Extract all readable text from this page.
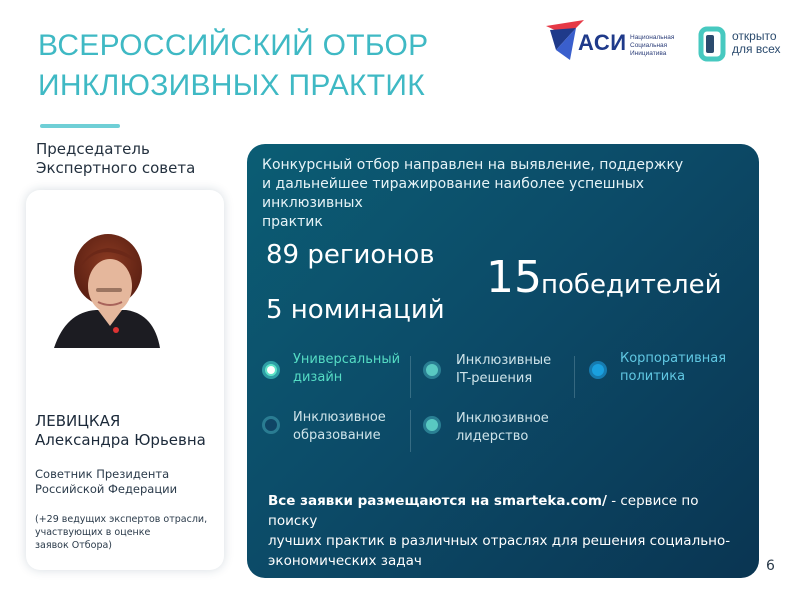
ВСЕРОССИЙСКИЙ ОТБОР
ИНКЛЮЗИВНЫХ ПРАКТИК
АСИ Национальная
Социальная
Инициатива
открыто
для всех
Председатель
Экспертного совета
ЛЕВИЦКАЯ
Александра Юрьевна
Советник Президента
Российской Федерации
(+29 ведущих экспертов отрасли,
участвующих в оценке
заявок Отбора)
Конкурсный отбор направлен на выявление, поддержку
и дальнейшее тиражирование наиболее успешных инклюзивных
практик
89 регионов
5 номинаций
15 победителей
Универсальный
дизайн
Инклюзивные
IT-решения
Корпоративная
политика
Инклюзивное
образование
Инклюзивное
лидерство
Все заявки размещаются на smarteka.com/ - сервисе по поиску
лучших практик в различных отраслях для решения социально-
экономических задач	6
